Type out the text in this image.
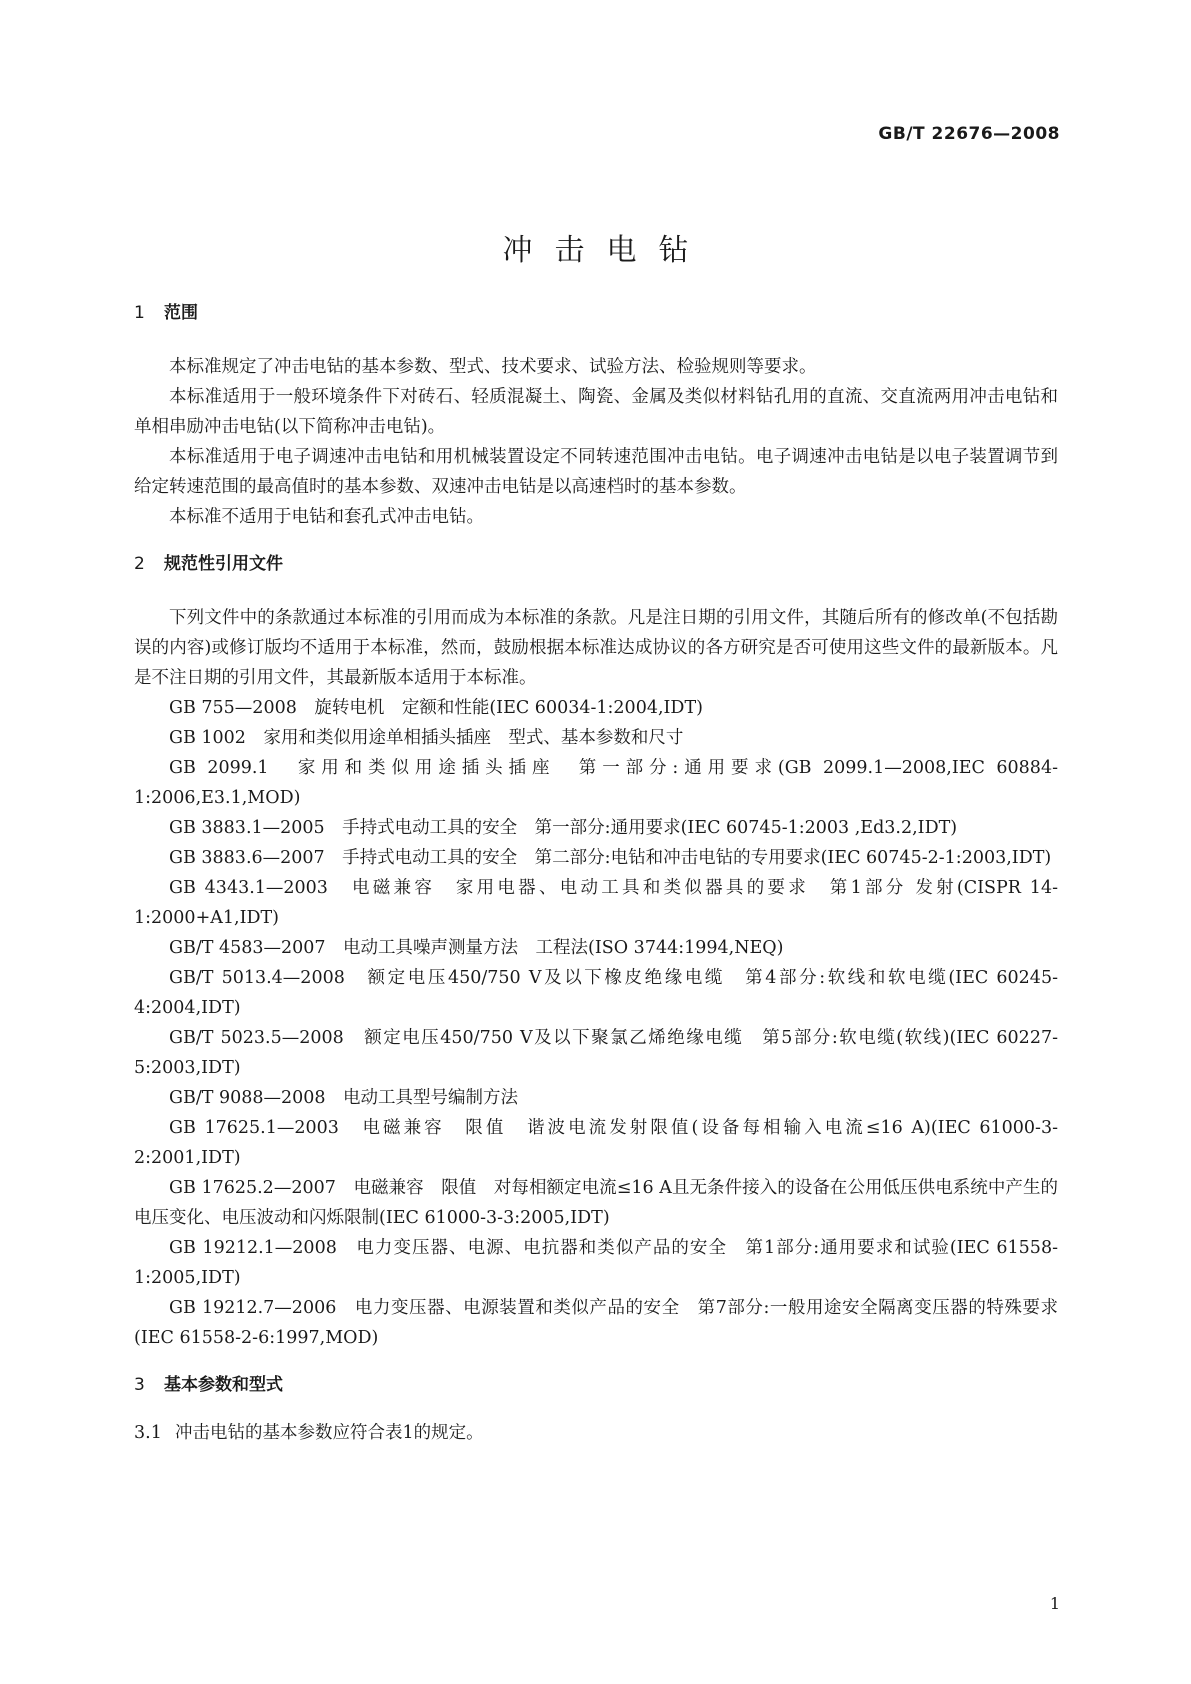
GB/T 22676—2008
冲击电钻
1 范围

本标准规定了冲击电钻的基本参数、型式、技术要求、试验方法、检验规则等要求。

本标准适用于一般环境条件下对砖石、轻质混凝土、陶瓷、金属及类似材料钻孔用的直流、交直流两用冲击电钻和单相串励冲击电钻(以下简称冲击电钻)。

本标准适用于电子调速冲击电钻和用机械装置设定不同转速范围冲击电钻。电子调速冲击电钻是以电子装置调节到给定转速范围的最高值时的基本参数、双速冲击电钻是以高速档时的基本参数。

本标准不适用于电钻和套孔式冲击电钻。

2 规范性引用文件

下列文件中的条款通过本标准的引用而成为本标准的条款。凡是注日期的引用文件，其随后所有的修改单(不包括勘误的内容)或修订版均不适用于本标准，然而，鼓励根据本标准达成协议的各方研究是否可使用这些文件的最新版本。凡是不注日期的引用文件，其最新版本适用于本标准。

GB 755—2008　旋转电机　定额和性能(IEC 60034-1:2004,IDT)

GB 1002　家用和类似用途单相插头插座　型式、基本参数和尺寸

GB 2099.1　家用和类似用途插头插座　第一部分:通用要求(GB 2099.1—2008,IEC 60884-1:2006,E3.1,MOD)

GB 3883.1—2005　手持式电动工具的安全　第一部分:通用要求(IEC 60745-1:2003 ,Ed3.2,IDT)

GB 3883.6—2007　手持式电动工具的安全　第二部分:电钻和冲击电钻的专用要求(IEC 60745-2-1:2003,IDT)

GB 4343.1—2003　电磁兼容　家用电器、电动工具和类似器具的要求　第1部分 发射(CISPR 14-1:2000+A1,IDT)

GB/T 4583—2007　电动工具噪声测量方法　工程法(ISO 3744:1994,NEQ)

GB/T 5013.4—2008　额定电压450/750 V及以下橡皮绝缘电缆　第4部分:软线和软电缆(IEC 60245-4:2004,IDT)

GB/T 5023.5—2008　额定电压450/750 V及以下聚氯乙烯绝缘电缆　第5部分:软电缆(软线)(IEC 60227-5:2003,IDT)

GB/T 9088—2008　电动工具型号编制方法

GB 17625.1—2003　电磁兼容　限值　谐波电流发射限值(设备每相输入电流≤16 A)(IEC 61000-3-2:2001,IDT)

GB 17625.2—2007　电磁兼容　限值　对每相额定电流≤16 A且无条件接入的设备在公用低压供电系统中产生的电压变化、电压波动和闪烁限制(IEC 61000-3-3:2005,IDT)

GB 19212.1—2008　电力变压器、电源、电抗器和类似产品的安全　第1部分:通用要求和试验(IEC 61558-1:2005,IDT)

GB 19212.7—2006　电力变压器、电源装置和类似产品的安全　第7部分:一般用途安全隔离变压器的特殊要求(IEC 61558-2-6:1997,MOD)

3 基本参数和型式
3.1 冲击电钻的基本参数应符合表1的规定。
1
